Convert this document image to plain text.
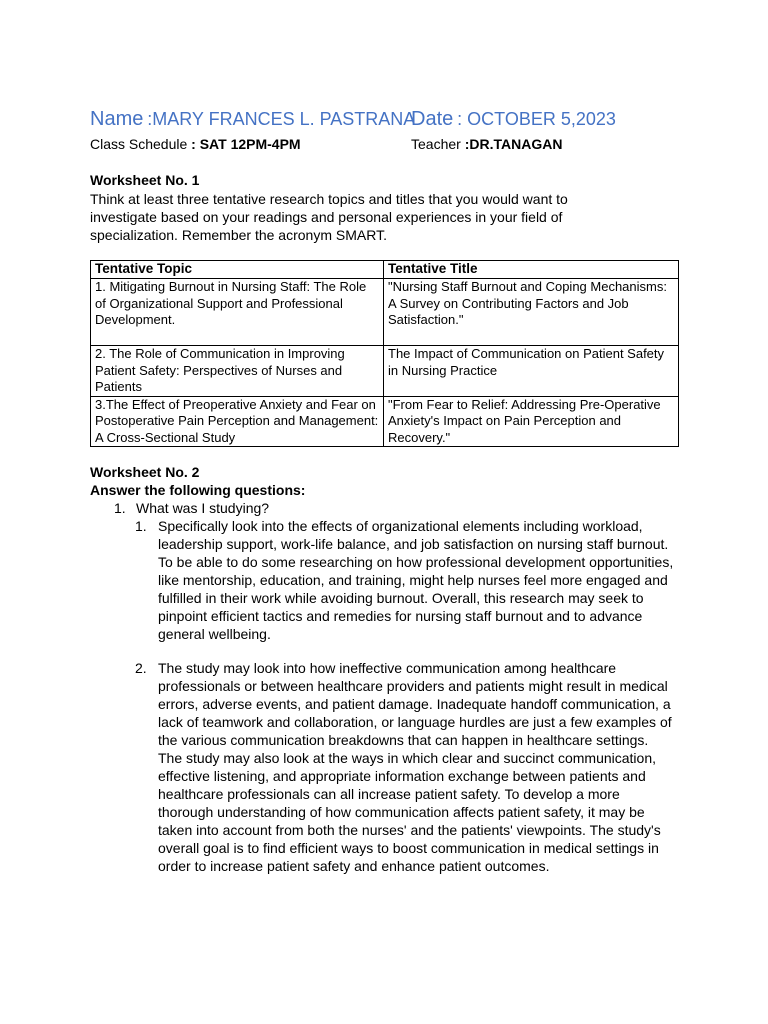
Name :MARY FRANCES L. PASTRANA
Date : OCTOBER 5,2023
Class Schedule : SAT 12PM-4PM	Teacher :DR.TANAGAN
Worksheet No. 1
Think at least three tentative research topics and titles that you would want to investigate based on your readings and personal experiences in your field of specialization. Remember the acronym SMART.
Tentative Topic	Tentative Title
1. Mitigating Burnout in Nursing Staff: The Role of Organizational Support and Professional Development.	"Nursing Staff Burnout and Coping Mechanisms: A Survey on Contributing Factors and Job Satisfaction."
2. The Role of Communication in Improving Patient Safety: Perspectives of Nurses and Patients	The Impact of Communication on Patient Safety in Nursing Practice
3.The Effect of Preoperative Anxiety and Fear on Postoperative Pain Perception and Management: A Cross-Sectional Study	"From Fear to Relief: Addressing Pre-Operative Anxiety's Impact on Pain Perception and Recovery."
Worksheet No. 2
Answer the following questions:
1. What was I studying?
1. Specifically look into the effects of organizational elements including workload, leadership support, work-life balance, and job satisfaction on nursing staff burnout. To be able to do some researching on how professional development opportunities, like mentorship, education, and training, might help nurses feel more engaged and fulfilled in their work while avoiding burnout. Overall, this research may seek to pinpoint efficient tactics and remedies for nursing staff burnout and to advance general wellbeing.
2. The study may look into how ineffective communication among healthcare professionals or between healthcare providers and patients might result in medical errors, adverse events, and patient damage. Inadequate handoff communication, a lack of teamwork and collaboration, or language hurdles are just a few examples of the various communication breakdowns that can happen in healthcare settings. The study may also look at the ways in which clear and succinct communication, effective listening, and appropriate information exchange between patients and healthcare professionals can all increase patient safety. To develop a more thorough understanding of how communication affects patient safety, it may be taken into account from both the nurses' and the patients' viewpoints. The study's overall goal is to find efficient ways to boost communication in medical settings in order to increase patient safety and enhance patient outcomes.
